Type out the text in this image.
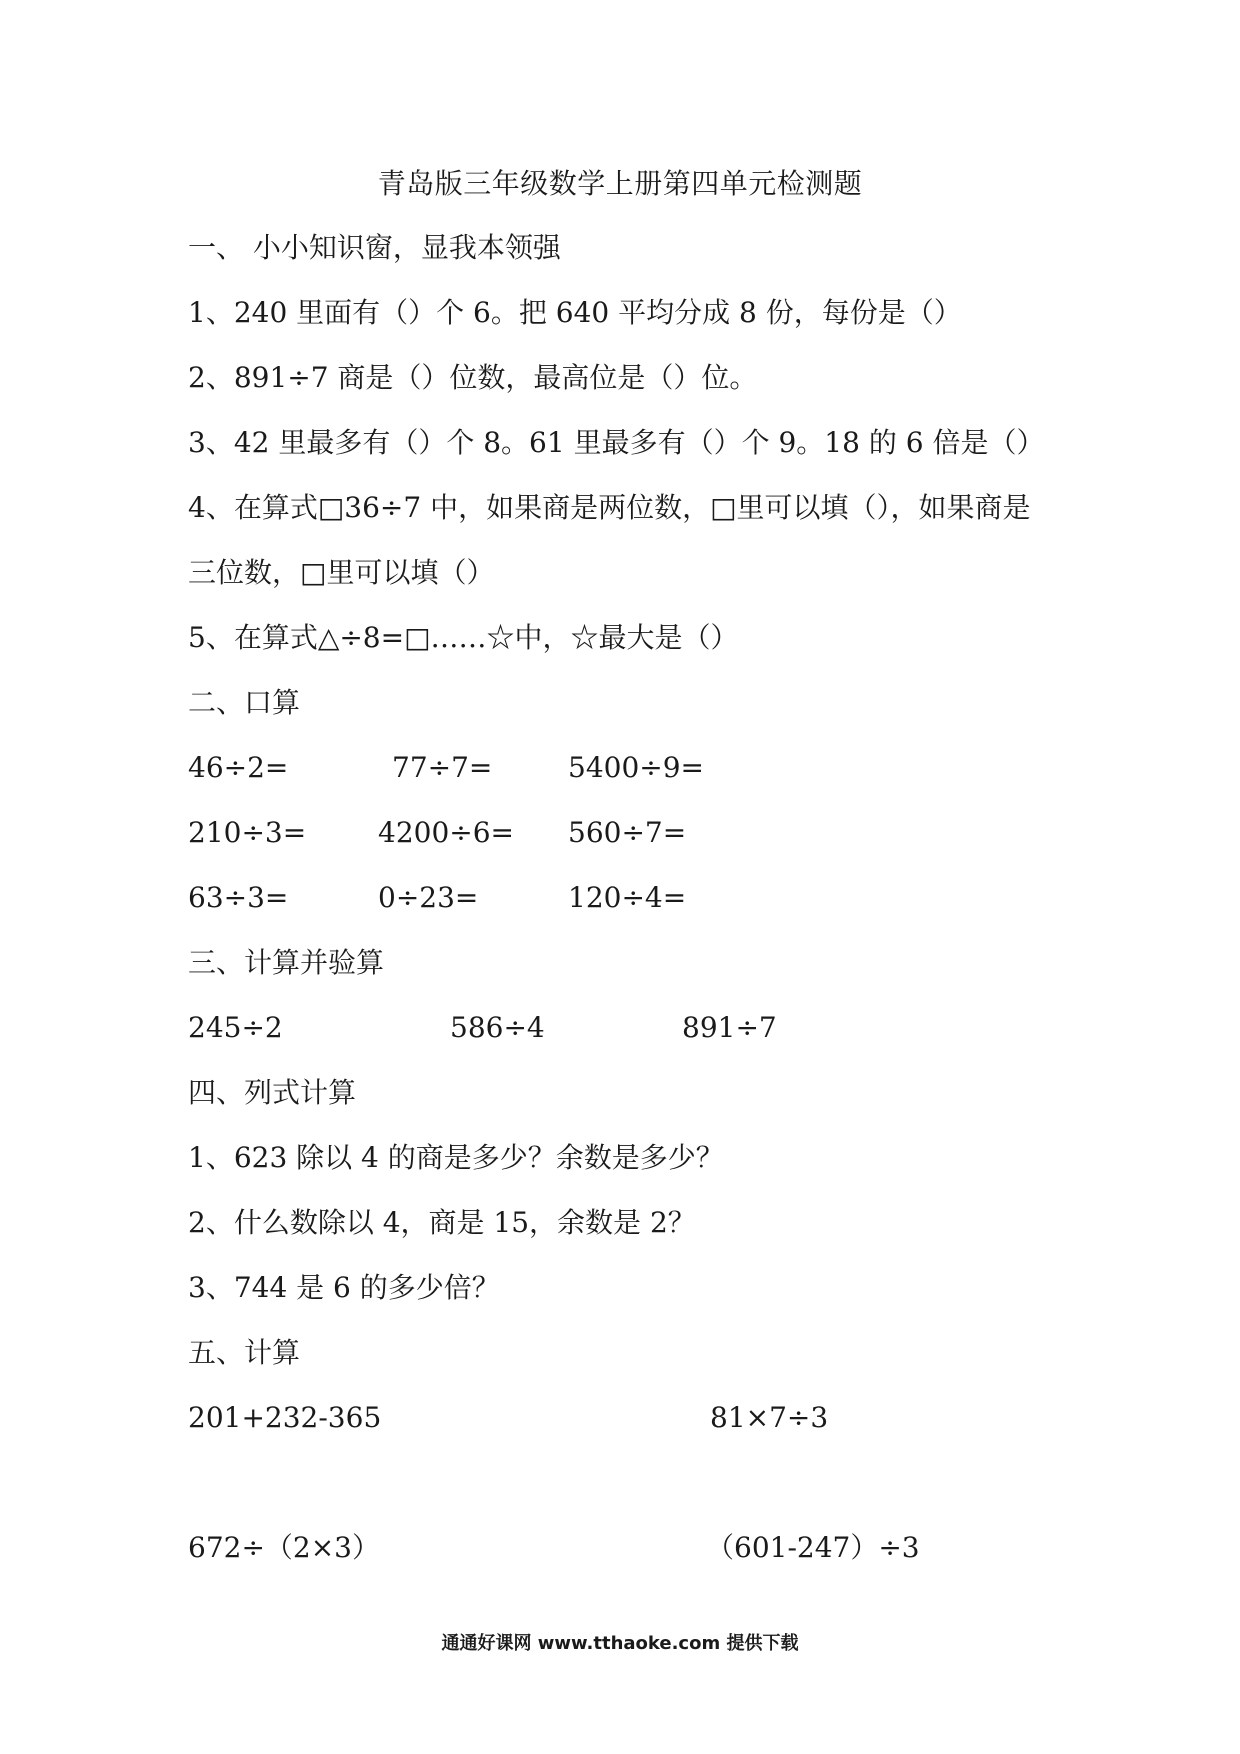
青岛版三年级数学上册第四单元检测题
一、 小小知识窗，显我本领强
1、240 里面有（）个 6。把 640 平均分成 8 份，每份是（）
2、891÷7 商是（）位数，最高位是（）位。
3、42 里最多有（）个 8。61 里最多有（）个 9。18 的 6 倍是（）
4、在算式□36÷7 中，如果商是两位数，□里可以填（），如果商是
三位数，□里可以填（）
5、在算式△÷8=□……☆中，☆最大是（）
二、口算
46÷2=	77÷7=	5400÷9=
210÷3=	4200÷6= 560÷7=
63÷3=	0÷23=	120÷4=
三、计算并验算
245÷2	586÷4	891÷7
四、列式计算
1、623 除以 4 的商是多少？余数是多少？
2、什么数除以 4，商是 15，余数是 2？
3、744 是 6 的多少倍？
五、计算
201+232-365	81×7÷3
672÷（2×3）	（601-247）÷3
通通好课网 www.tthaoke.com 提供下载
